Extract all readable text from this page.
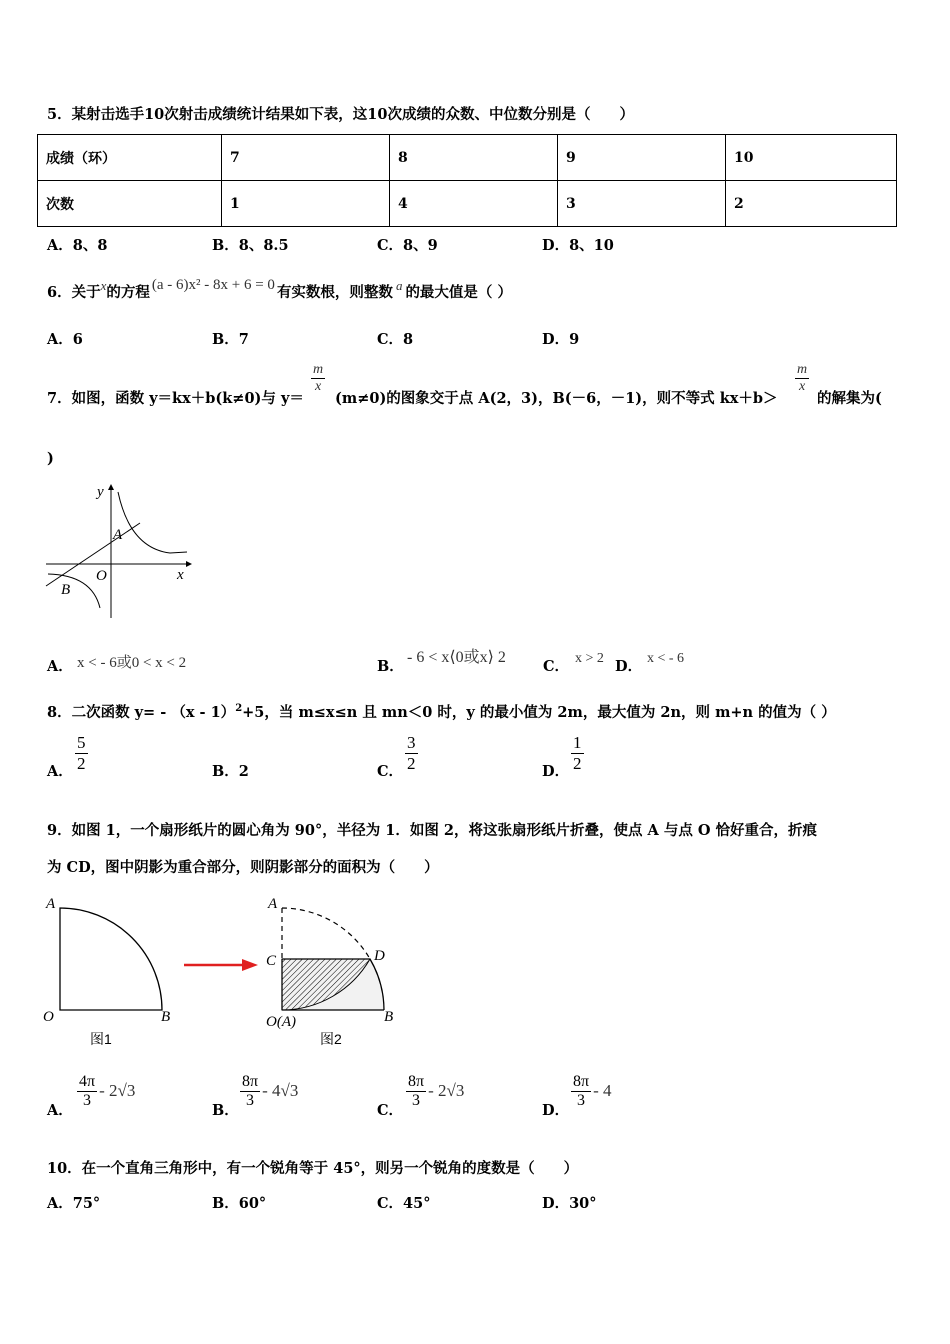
5．某射击选手10次射击成绩统计结果如下表，这10次成绩的众数、中位数分别是（　　）
成绩（环）	7	8	9	10
次数	1	4	3	2
A．8、8	B．8、8.5	C．8、9	D．8、10
6．关于x的方程 (a - 6)x² - 8x + 6 = 0 有实数根，则整数 a 的最大值是（ ）
A．6	B．7	C．8	D．9
7．如图，函数 y＝kx＋b(k≠0)与 y＝
$\frac{m}{x}$
(m≠0)的图象交于点 A(2，3)，B(－6，－1)，则不等式 kx＋b＞
$\frac{m}{x}$
的解集为(
)
y
x
O
A
B
A． x < - 6或0 < x < 2	B．
- 6 < x⟨0或x⟩ 2
C． x > 2 D． x < - 6
8．二次函数 y= - （x - 1）$^2$+5，当 m≤x≤n 且 mn＜0 时，y 的最小值为 2m，最大值为 2n，则 m+n 的值为（ ）
A． $\frac{5}{2}$	B．2	C． $\frac{3}{2}$	D． $\frac{1}{2}$
9．如图 1，一个扇形纸片的圆心角为 90°，半径为 1．如图 2，将这张扇形纸片折叠，使点 A 与点 O 恰好重合，折痕
为 CD，图中阴影为重合部分，则阴影部分的面积为（　　）
A
O	B
图1
A
C	D
O(A)	B
图2
A．
$\frac{4\pi}{3} - 2√3$
B．
$\frac{8\pi}{3} - 4√3$
C．
$\frac{8\pi}{3} - 2√3$
D．
$\frac{8\pi}{3} - 4$
10．在一个直角三角形中，有一个锐角等于 45°，则另一个锐角的度数是（　　）
A．75°	B．60°	C．45°	D．30°
